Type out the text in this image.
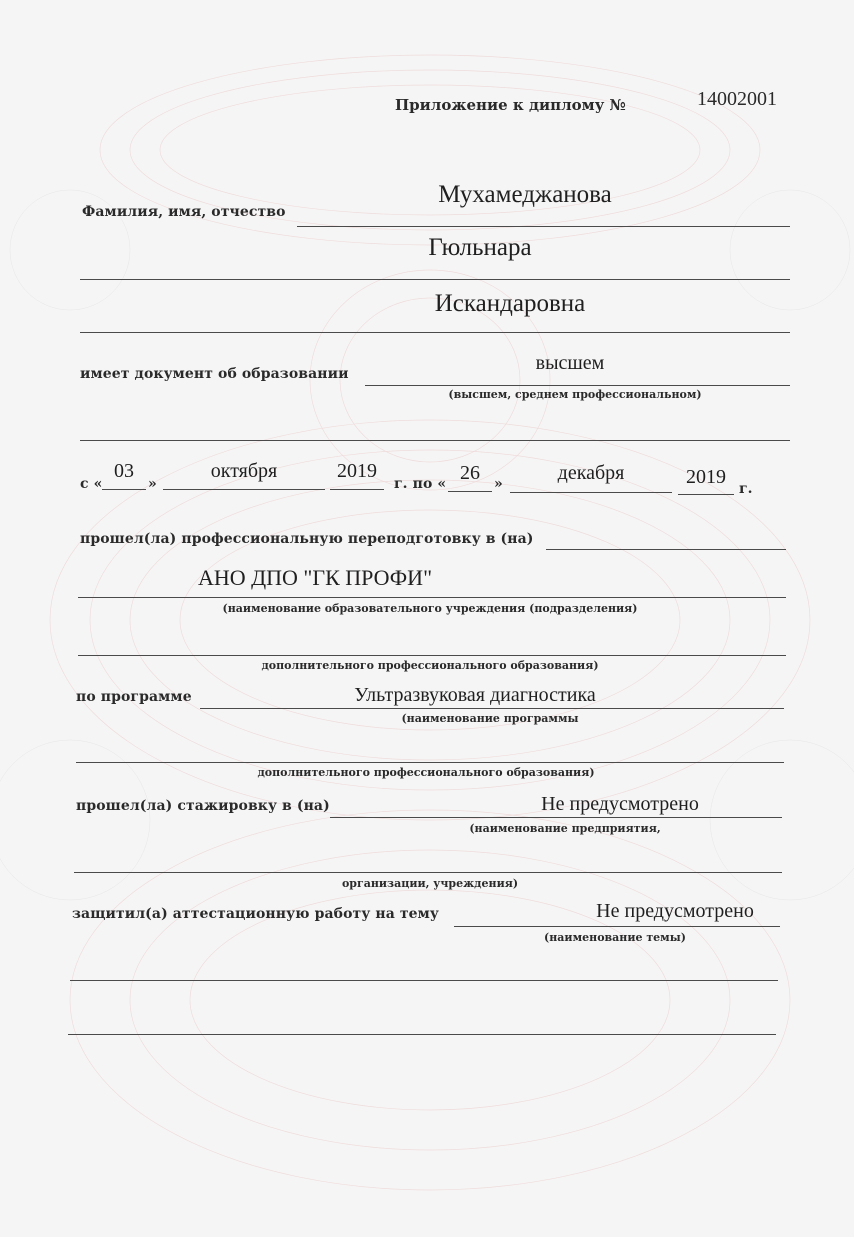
Приложение к диплому №	14002001
Фамилия, имя, отчество
Мухамеджанова
Гюльнара
Искандаровна
имеет документ об образовании	высшем
(высшем, среднем профессиональном)
с «
03
»
октября	2019
г. по « 26	»	декабря	2019
г.
прошел(ла) профессиональную переподготовку в (на)
АНО ДПО "ГК ПРОФИ"
(наименование образовательного учреждения (подразделения)
дополнительного профессионального образования)
по программе	Ультразвуковая диагностика
(наименование программы
дополнительного профессионального образования)
прошел(ла) стажировку в (на)	Не предусмотрено
(наименование предприятия,
организации, учреждения)
защитил(а) аттестационную работу на тему	Не предусмотрено
(наименование темы)
